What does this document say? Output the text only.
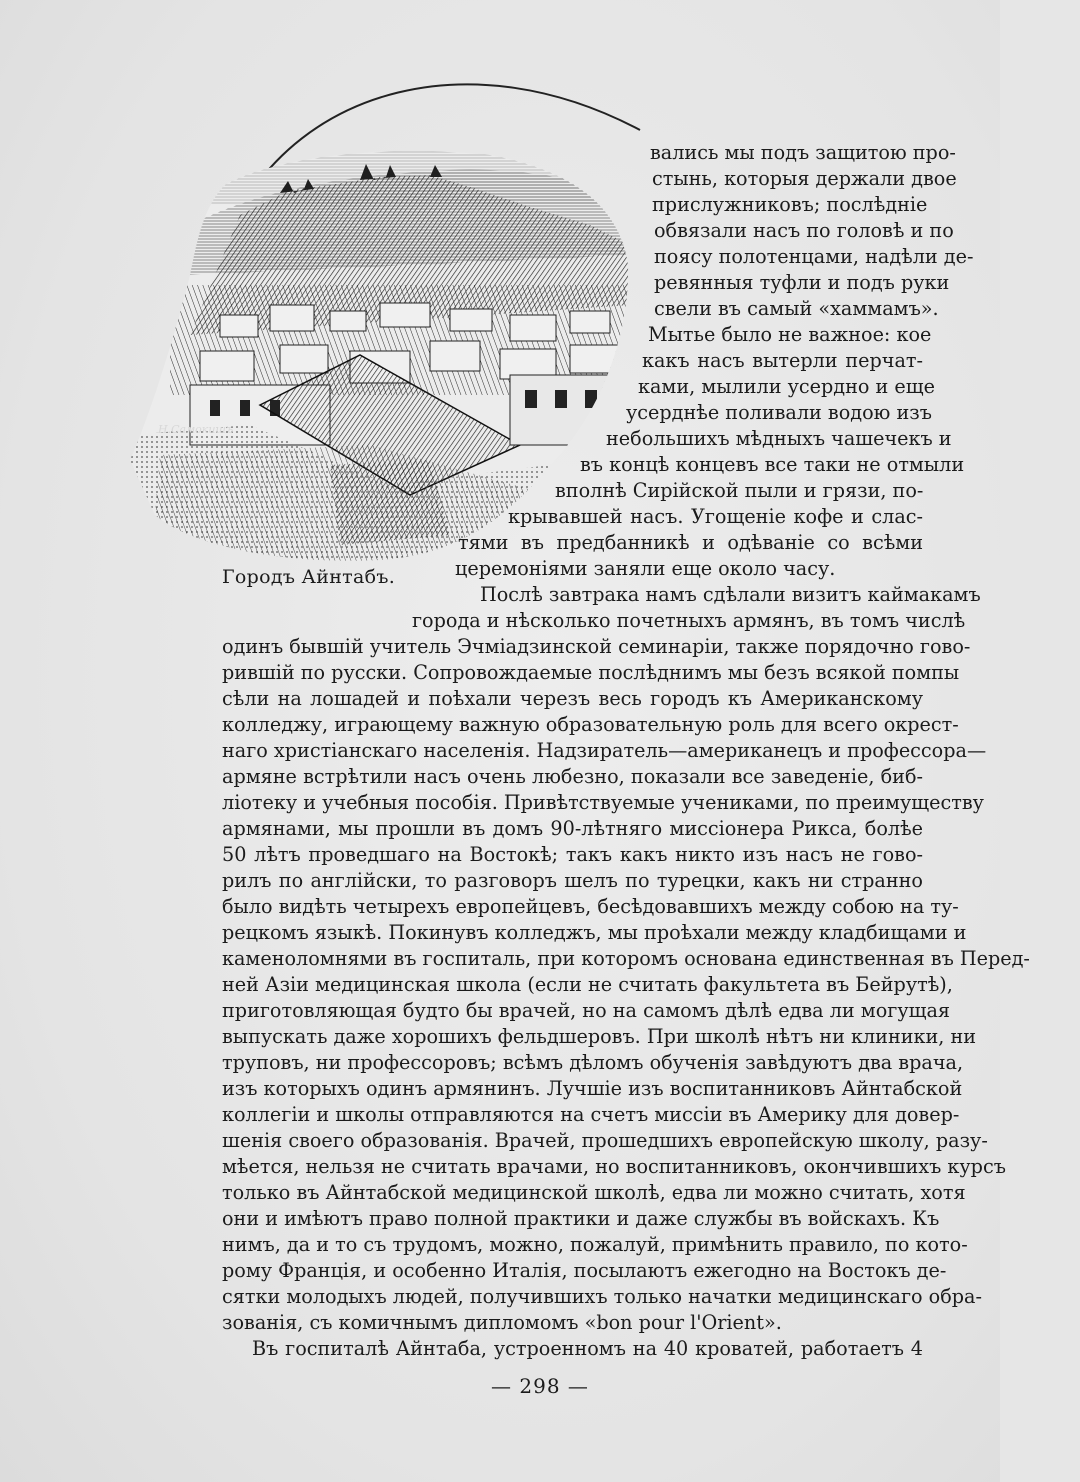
Н.Самокишъ
Городъ Айнтабъ.
вались мы подъ защитою про-
стынь, которыя держали двое
прислужниковъ; послѣдніе
обвязали насъ по головѣ и по
поясу полотенцами, надѣли де-
ревянныя туфли и подъ руки
свели въ самый «хаммамъ».
Мытье было не важное: кое
какъ насъ вытерли перчат-
ками, мылили усердно и еще
усерднѣе поливали водою изъ
небольшихъ мѣдныхъ чашечекъ и
въ концѣ концевъ все таки не отмыли
вполнѣ Сирійской пыли и грязи, по-
крывавшей насъ. Угощеніе кофе и слас-
тями въ предбанникѣ и одѣваніе со всѣми
церемоніями заняли еще около часу.
Послѣ завтрака намъ сдѣлали визитъ каймакамъ
города и нѣсколько почетныхъ армянъ, въ томъ числѣ
одинъ бывшій учитель Эчміадзинской семинаріи, также порядочно гово-
рившій по русски. Сопровождаемые послѣднимъ мы безъ всякой помпы
сѣли на лошадей и поѣхали черезъ весь городъ къ Американскому
колледжу, играющему важную образовательную роль для всего окрест-
наго христіанскаго населенія. Надзиратель—американецъ и профессора—
армяне встрѣтили насъ очень любезно, показали все заведеніе, биб-
ліотеку и учебныя пособія. Привѣтствуемые учениками, по преимуществу
армянами, мы прошли въ домъ 90-лѣтняго миссіонера Рикса, болѣе
50 лѣтъ проведшаго на Востокѣ; такъ какъ никто изъ насъ не гово-
рилъ по англійски, то разговоръ шелъ по турецки, какъ ни странно
было видѣть четырехъ европейцевъ, бесѣдовавшихъ между собою на ту-
рецкомъ языкѣ. Покинувъ колледжъ, мы проѣхали между кладбищами и
каменоломнями въ госпиталь, при которомъ основана единственная въ Перед-
ней Азіи медицинская школа (если не считать факультета въ Бейрутѣ),
приготовляющая будто бы врачей, но на самомъ дѣлѣ едва ли могущая
выпускать даже хорошихъ фельдшеровъ. При школѣ нѣтъ ни клиники, ни
труповъ, ни профессоровъ; всѣмъ дѣломъ обученія завѣдуютъ два врача,
изъ которыхъ одинъ армянинъ. Лучшіе изъ воспитанниковъ Айнтабской
коллегіи и школы отправляются на счетъ миссіи въ Америку для довер-
шенія своего образованія. Врачей, прошедшихъ европейскую школу, разу-
мѣется, нельзя не считать врачами, но воспитанниковъ, окончившихъ курсъ
только въ Айнтабской медицинской школѣ, едва ли можно считать, хотя
они и имѣютъ право полной практики и даже службы въ войскахъ. Къ
нимъ, да и то съ трудомъ, можно, пожалуй, примѣнить правило, по кото-
рому Франція, и особенно Италія, посылаютъ ежегодно на Востокъ де-
сятки молодыхъ людей, получившихъ только начатки медицинскаго обра-
зованія, съ комичнымъ дипломомъ «bon pour l'Orient».
Въ госпиталѣ Айнтаба, устроенномъ на 40 кроватей, работаетъ 4
— 298 —
